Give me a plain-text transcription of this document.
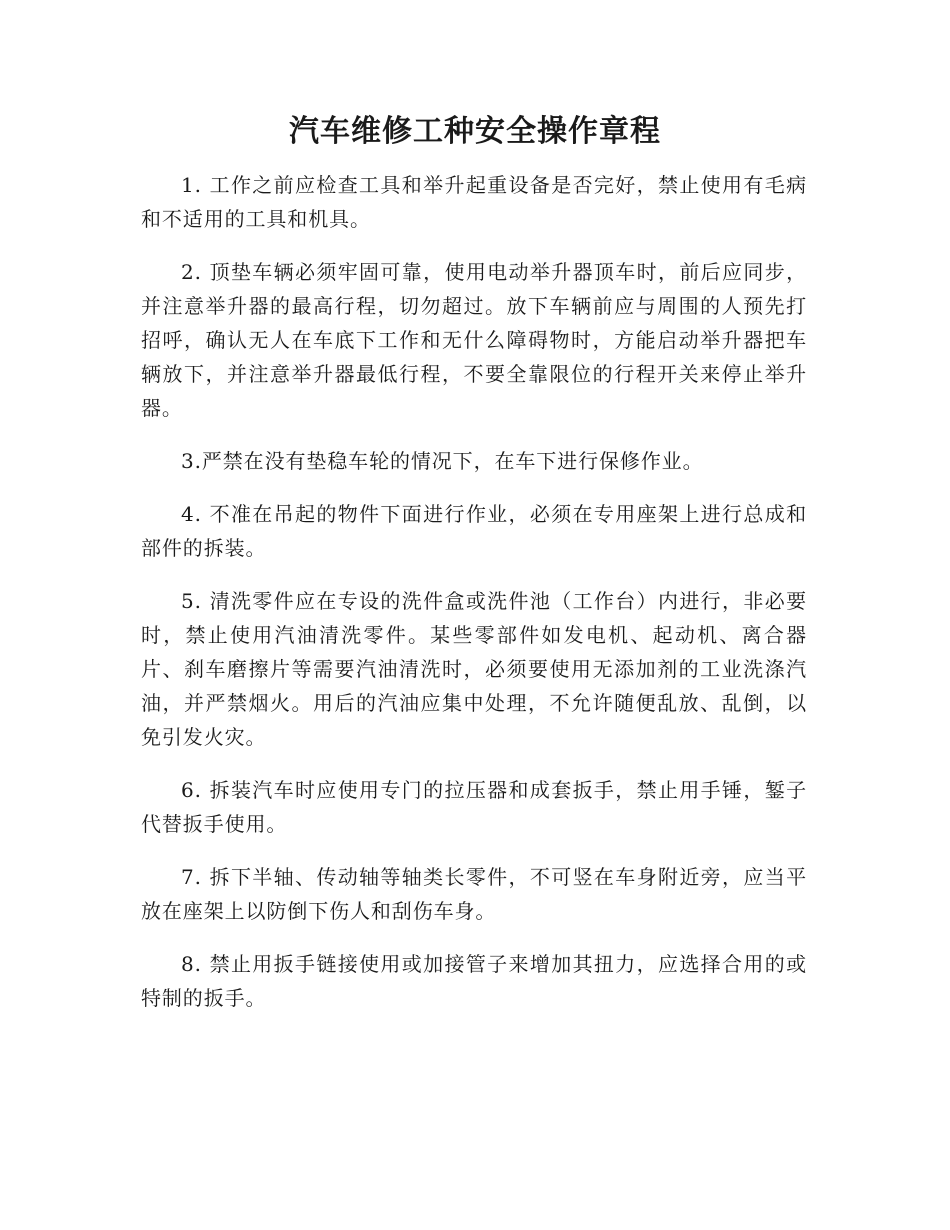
汽车维修工种安全操作章程

1. 工作之前应检查工具和举升起重设备是否完好，禁止使用有毛病和不适用的工具和机具。

2. 顶垫车辆必须牢固可靠，使用电动举升器顶车时，前后应同步，并注意举升器的最高行程，切勿超过。放下车辆前应与周围的人预先打招呼，确认无人在车底下工作和无什么障碍物时，方能启动举升器把车辆放下，并注意举升器最低行程，不要全靠限位的行程开关来停止举升器。

3.严禁在没有垫稳车轮的情况下，在车下进行保修作业。

4. 不准在吊起的物件下面进行作业，必须在专用座架上进行总成和部件的拆装。

5. 清洗零件应在专设的洗件盒或洗件池（工作台）内进行，非必要时，禁止使用汽油清洗零件。某些零部件如发电机、起动机、离合器片、刹车磨擦片等需要汽油清洗时，必须要使用无添加剂的工业洗涤汽油，并严禁烟火。用后的汽油应集中处理，不允许随便乱放、乱倒，以免引发火灾。

6. 拆装汽车时应使用专门的拉压器和成套扳手，禁止用手锤，錾子代替扳手使用。

7. 拆下半轴、传动轴等轴类长零件，不可竖在车身附近旁，应当平放在座架上以防倒下伤人和刮伤车身。

8. 禁止用扳手链接使用或加接管子来增加其扭力，应选择合用的或特制的扳手。
